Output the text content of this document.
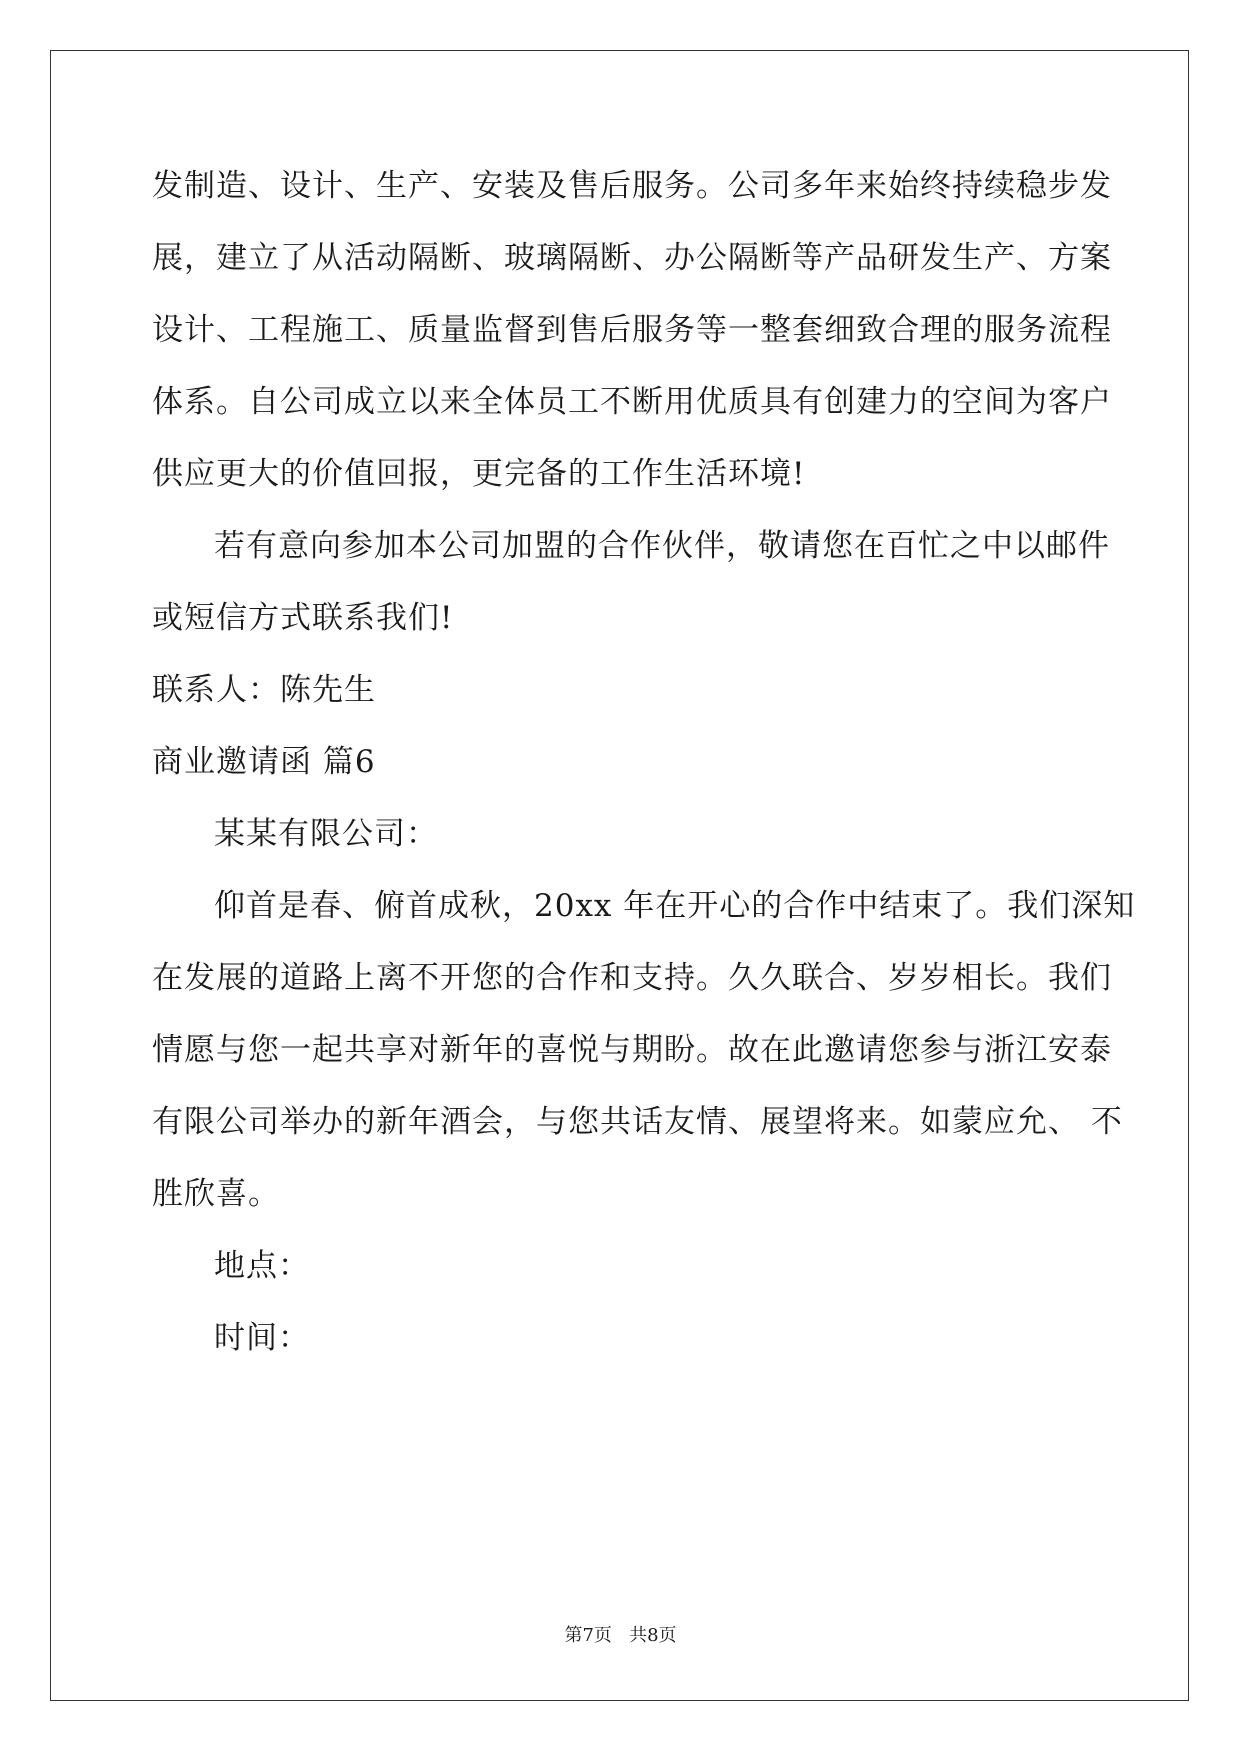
发制造、设计、生产、安装及售后服务。公司多年来始终持续稳步发
展，建立了从活动隔断、玻璃隔断、办公隔断等产品研发生产、方案
设计、工程施工、质量监督到售后服务等一整套细致合理的服务流程
体系。自公司成立以来全体员工不断用优质具有创建力的空间为客户
供应更大的价值回报，更完备的工作生活环境!
若有意向参加本公司加盟的合作伙伴，敬请您在百忙之中以邮件
或短信方式联系我们!
联系人：陈先生
商业邀请函 篇6
某某有限公司：
仰首是春、俯首成秋，20xx 年在开心的合作中结束了。我们深知
在发展的道路上离不开您的合作和支持。久久联合、岁岁相长。我们
情愿与您一起共享对新年的喜悦与期盼。故在此邀请您参与浙江安泰
有限公司举办的新年酒会，与您共话友情、展望将来。如蒙应允、 不
胜欣喜。
地点：
时间：
第7页 共8页
